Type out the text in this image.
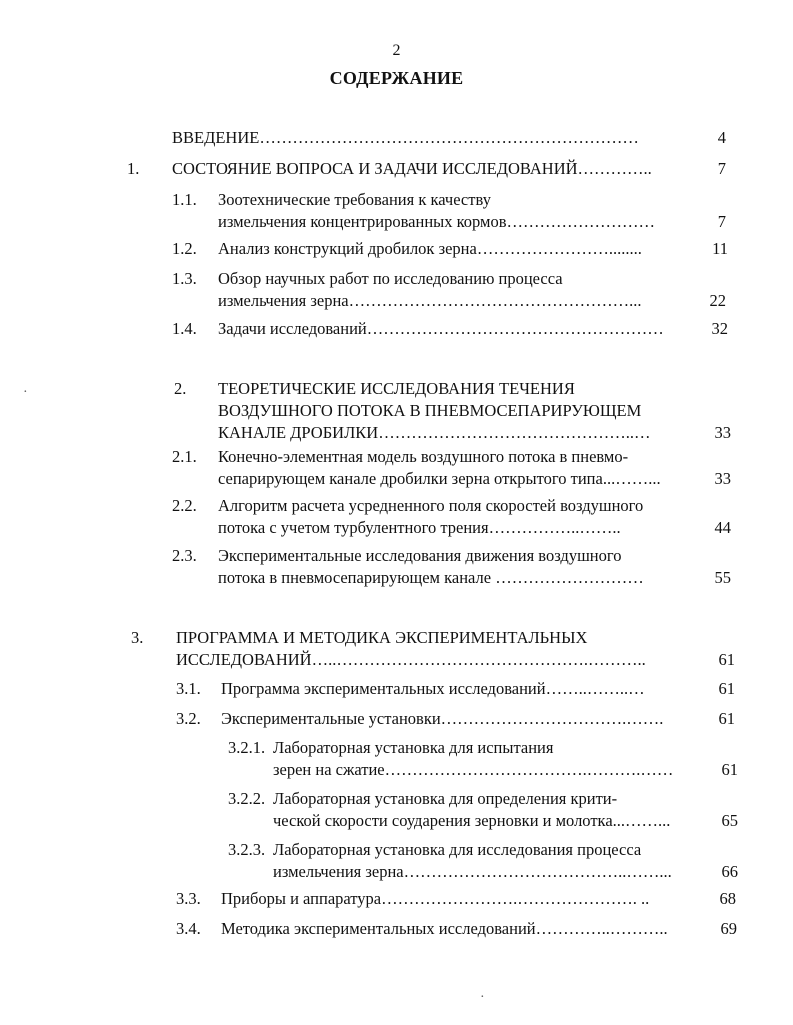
2
СОДЕРЖАНИЕ
ВВЕДЕНИЕ……………………………………………………………	4
1. СОСТОЯНИЕ ВОПРОСА И ЗАДАЧИ ИССЛЕДОВАНИЙ…………..	7
1.1. Зоотехнические требования к качеству
измельчения концентрированных кормов………………………	7
1.2. Анализ конструкций дробилок зерна……………………........	11
1.3. Обзор научных работ по исследованию процесса
измельчения зерна……………………………………………...	22
1.4. Задачи исследований………………………………………………	32
2. ТЕОРЕТИЧЕСКИЕ ИССЛЕДОВАНИЯ ТЕЧЕНИЯ
ВОЗДУШНОГО ПОТОКА В ПНЕВМОСЕПАРИРУЮЩЕМ
КАНАЛЕ ДРОБИЛКИ………………………………………..…	33
2.1. Конечно-элементная модель воздушного потока в пневмо-
сепарирующем канале дробилки зерна открытого типа...……...	33
2.2. Алгоритм расчета усредненного поля скоростей воздушного
потока с учетом турбулентного трения……………..……..	44
2.3. Экспериментальные исследования движения воздушного
потока в пневмосепарирующем канале ………………………	55
3. ПРОГРАММА И МЕТОДИКА ЭКСПЕРИМЕНТАЛЬНЫХ
ИССЛЕДОВАНИЙ…..……………………………………….………..	61
3.1. Программа экспериментальных исследований……..……..…	61
3.2. Экспериментальные установки…………………………….…….	61
3.2.1. Лабораторная установка для испытания
зерен на сжатие……………………………….……….……	61
3.2.2. Лабораторная установка для определения крити-
ческой скорости соударения зерновки и молотка...……...	65
3.2.3. Лабораторная установка для исследования процесса
измельчения зерна…………………………………..……...	66
3.3. Приборы и аппаратура…………………….…………………. ..	68
3.4. Методика экспериментальных исследований…………..………..	69
·
·
